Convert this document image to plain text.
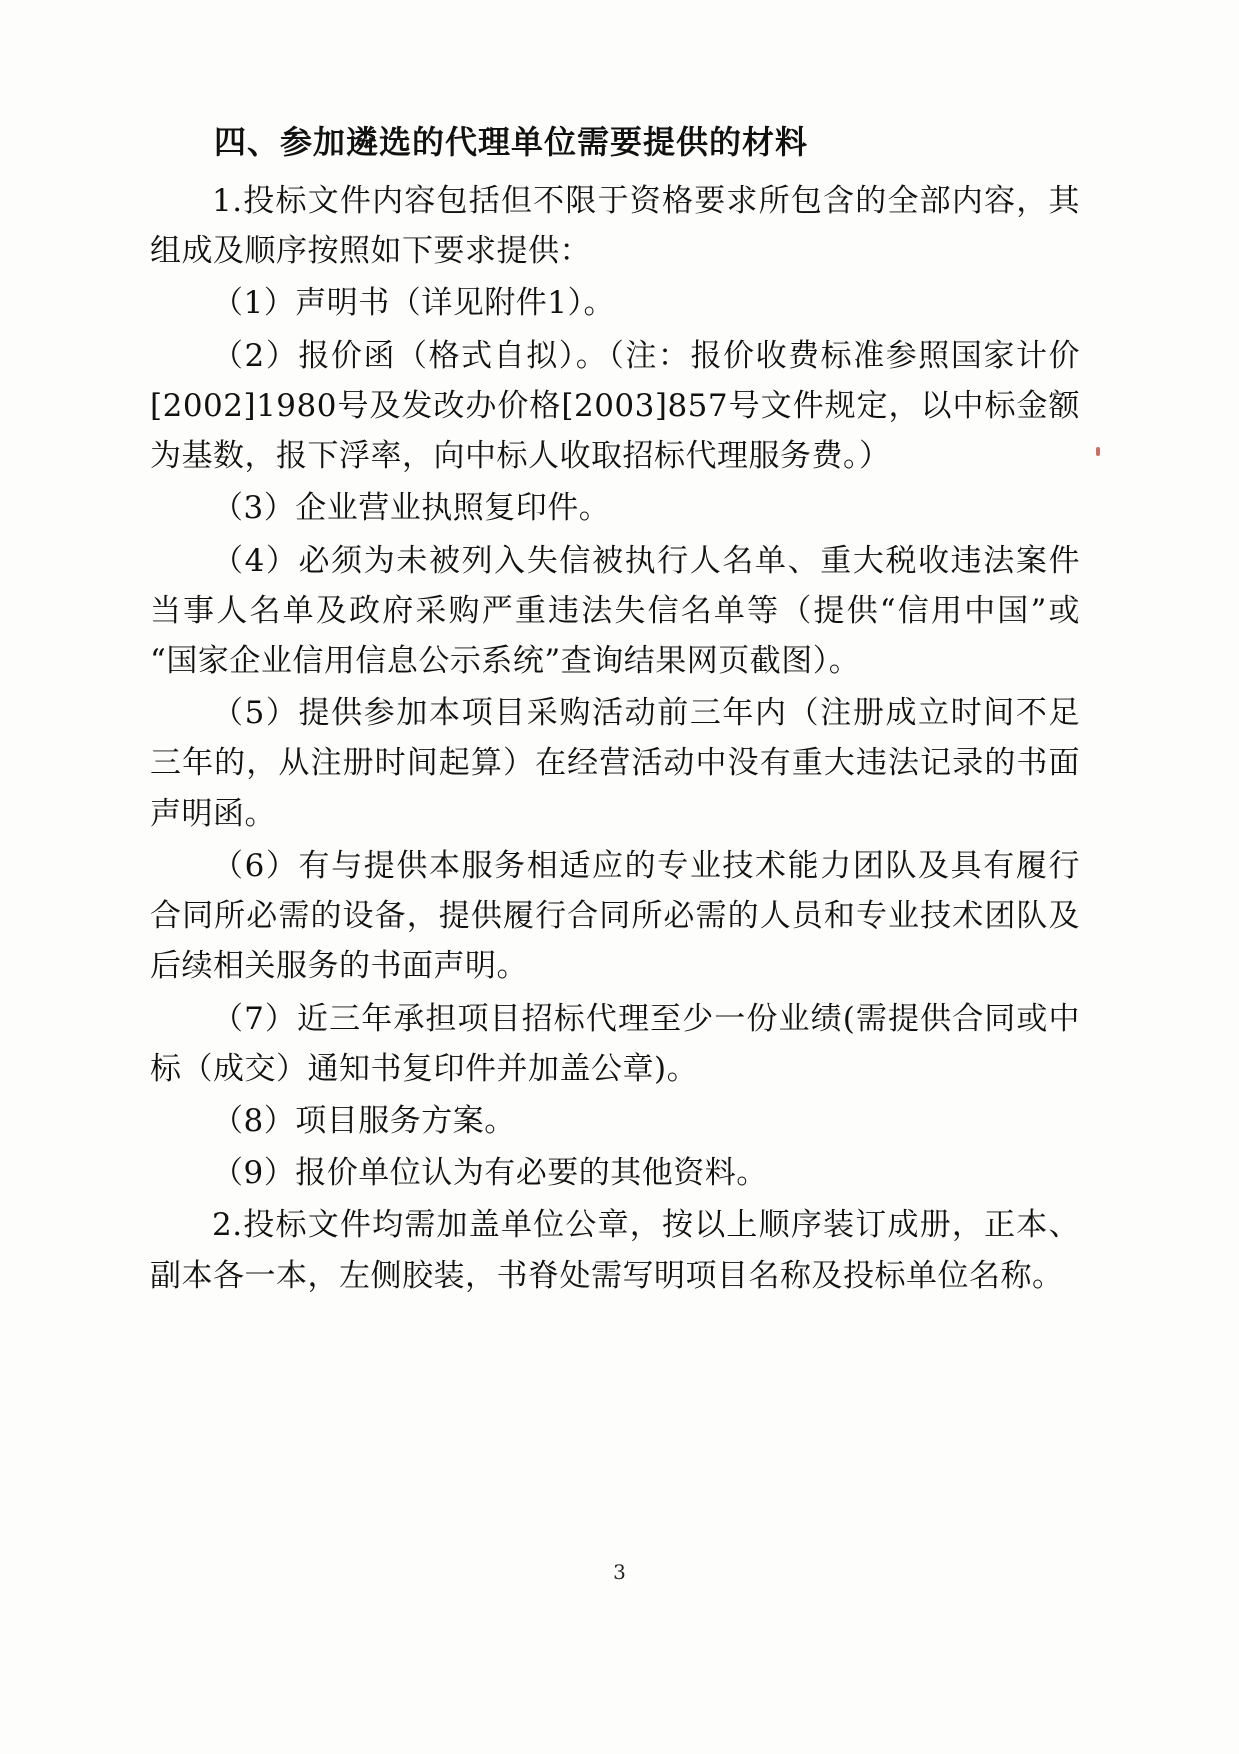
四、参加遴选的代理单位需要提供的材料

1.投标文件内容包括但不限于资格要求所包含的全部内容，其组成及顺序按照如下要求提供：

（1）声明书（详见附件1）。

（2）报价函（格式自拟）。（注：报价收费标准参照国家计价[2002]1980号及发改办价格[2003]857号文件规定，以中标金额为基数，报下浮率，向中标人收取招标代理服务费。）

（3）企业营业执照复印件。

（4）必须为未被列入失信被执行人名单、重大税收违法案件当事人名单及政府采购严重违法失信名单等（提供“信用中国”或“国家企业信用信息公示系统”查询结果网页截图）。

（5）提供参加本项目采购活动前三年内（注册成立时间不足三年的，从注册时间起算）在经营活动中没有重大违法记录的书面声明函。

（6）有与提供本服务相适应的专业技术能力团队及具有履行合同所必需的设备，提供履行合同所必需的人员和专业技术团队及后续相关服务的书面声明。

（7）近三年承担项目招标代理至少一份业绩(需提供合同或中标（成交）通知书复印件并加盖公章)。

（8）项目服务方案。

（9）报价单位认为有必要的其他资料。

2.投标文件均需加盖单位公章，按以上顺序装订成册，正本、副本各一本，左侧胶装，书脊处需写明项目名称及投标单位名称。

3
